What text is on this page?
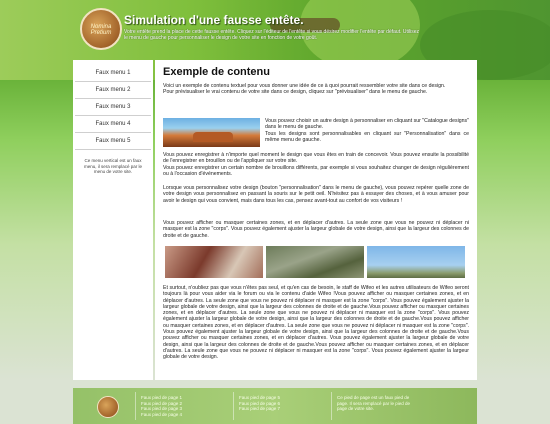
Nomina Pretium
Simulation d'une fausse entête.
Votre entête prend la place de cette fausse entête. Cliquez sur l'éditeur de l'entête si vous désirez modifier l'entête par défaut. Utilisez le menu de gauche pour personnaliser le design de votre site en fonction de votre goût.
Faux menu 1
Faux menu 2
Faux menu 3
Faux menu 4
Faux menu 5
Ce menu vertical est un faux menu, il sera remplacé par le menu de votre site.
Exemple de contenu
Voici un exemple de contenu textuel pour vous donner une idée de ce à quoi pourrait ressembler votre site dans ce design.
Pour prévisualiser le vrai contenu de votre site dans ce design, cliquez sur "prévisualiser" dans le menu de gauche.
Vous pouvez choisir un autre design à personnaliser en cliquant sur "Catalogue designs" dans le menu de gauche.
Tous les designs sont personnalisables en cliquant sur "Personnalisation" dans ce même menu de gauche.
Vous pouvez enregistrer à n'importe quel moment le design que vous êtes en train de concevoir. Vous pouvez ensuite la possibilité de l'enregistrer en brouillon ou de l'appliquer sur votre site.
Vous pouvez enregistrer un certain nombre de brouillons différents, par exemple si vous souhaitez changer de design régulièrement ou à l'occasion d'événements.
Lorsque vous personnalisez votre design (bouton "personnalisation" dans le menu de gauche), vous pouvez repérer quelle zone de votre design vous personnalisez en passant la souris sur le petit oeil. N'hésitez pas à essayer des choses, et à vous amuser pour avoir le design qui vous convient, mais dans tous les cas, pensez avant-tout au confort de vos visiteurs !
Vous pouvez afficher ou masquer certaines zones, et en déplacer d'autres. La seule zone que vous ne pouvez ni déplacer ni masquer est la zone "corps". Vous pouvez également ajuster la largeur globale de votre design, ainsi que la largeur des colonnes de droite et de gauche.
Et surtout, n'oubliez pas que vous n'êtes pas seul, et qu'en cas de besoin, le staff de Wifeo et les autres utilisateurs de Wifeo seront toujours là pour vous aider via le forum ou via le contenu d'aide Wifeo !Vous pouvez afficher ou masquer certaines zones, et en déplacer d'autres. La seule zone que vous ne pouvez ni déplacer ni masquer est la zone "corps". Vous pouvez également ajuster la largeur globale de votre design, ainsi que la largeur des colonnes de droite et de gauche.Vous pouvez afficher ou masquer certaines zones, et en déplacer d'autres. La seule zone que vous ne pouvez ni déplacer ni masquer est la zone "corps". Vous pouvez également ajuster la largeur globale de votre design, ainsi que la largeur des colonnes de droite et de gauche.Vous pouvez afficher ou masquer certaines zones, et en déplacer d'autres. La seule zone que vous ne pouvez ni déplacer ni masquer est la zone "corps". Vous pouvez également ajuster la largeur globale de votre design, ainsi que la largeur des colonnes de droite et de gauche.Vous pouvez afficher ou masquer certaines zones, et en déplacer d'autres. Vous pouvez également ajuster la largeur globale de votre design, ainsi que la largeur des colonnes de droite et de gauche.Vous pouvez afficher ou masquer certaines zones, et en déplacer d'autres. La seule zone que vous ne pouvez ni déplacer ni masquer est la zone "corps". Vous pouvez également ajuster la largeur globale de votre design.
Faux pied de page 1
Faux pied de page 2
Faux pied de page 3
Faux pied de page 4
Faux pied de page 5
Faux pied de page 6
Faux pied de page 7
Ce pied de page est un faux pied de page. Il sera remplacé par le pied de page de votre site.
